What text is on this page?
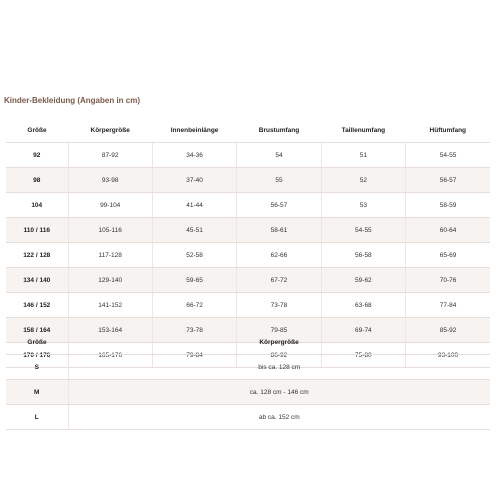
Kinder-Bekleidung (Angaben in cm)
Größe	Körpergröße	Innenbeinlänge	Brustumfang	Taillenumfang	Hüftumfang
92	87-92	34-36	54	51	54-55
98	93-98	37-40	55	52	56-57
104	99-104	41-44	56-57	53	58-59
110 / 116	105-116	45-51	58-61	54-55	60-64
122 / 128	117-128	52-58	62-66	56-58	65-69
134 / 140	129-140	59-65	67-72	59-62	70-76
146 / 152	141-152	66-72	73-78	63-68	77-84
158 / 164	153-164	73-78	79-85	69-74	85-92
170 / 176	165-176	79-84	86-92	75-80	93-100
Größe	Körpergröße
S	bis ca. 128 cm
M	ca. 128 cm - 146 cm
L	ab ca. 152 cm
